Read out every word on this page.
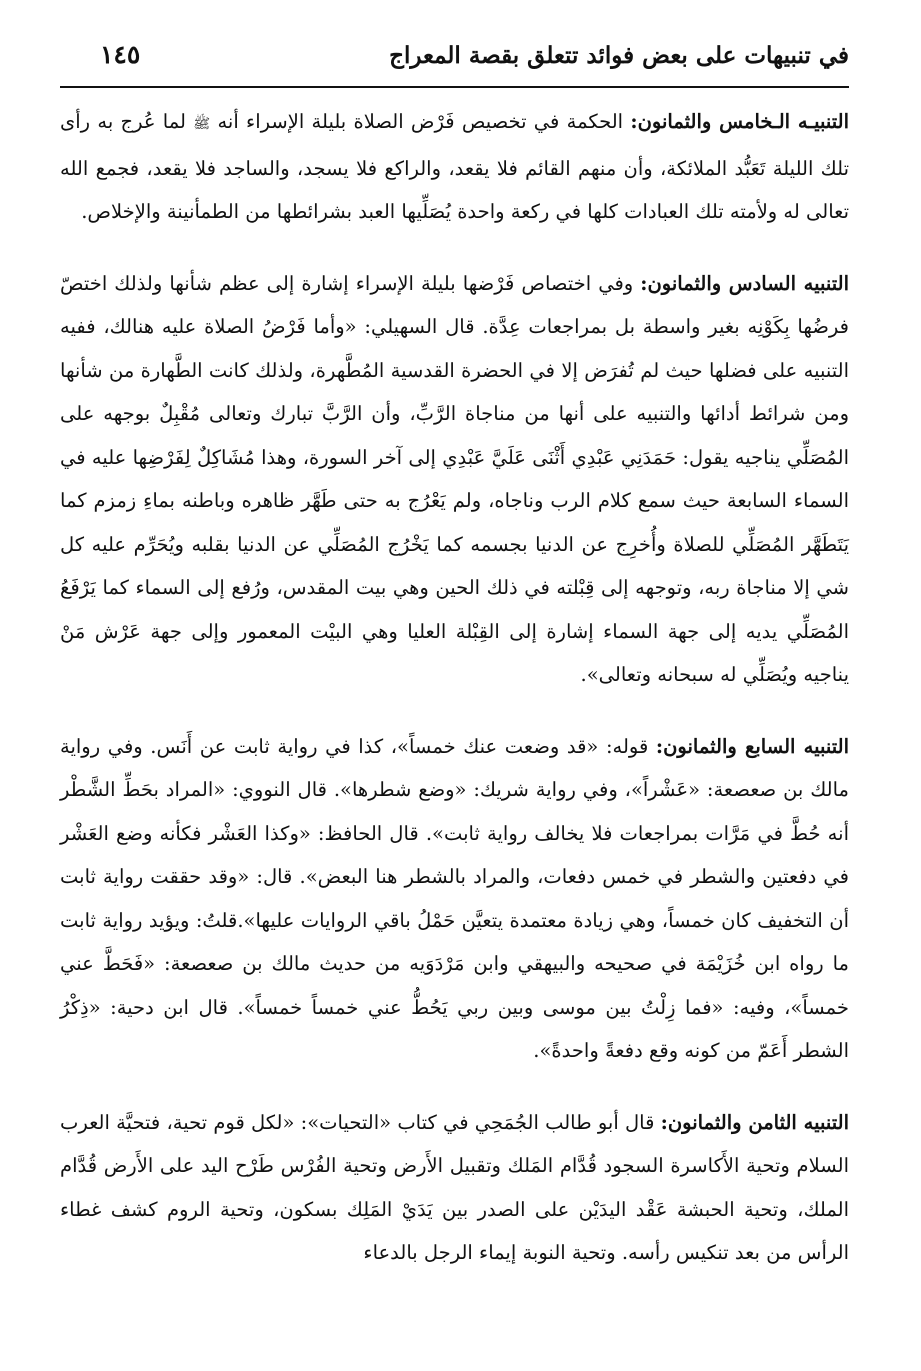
في تنبيهات على بعض فوائد تتعلق بقصة المعراج
١٤٥

التنبيـه الـخامس والثمانون: الحكمة في تخصيص فَرْض الصلاة بليلة الإسراء أنه ﷺ لما عُرج به رأى تلك الليلة تَعَبُّد الملائكة، وأن منهم القائم فلا يقعد، والراكع فلا يسجد، والساجد فلا يقعد، فجمع الله تعالى له ولأمته تلك العبادات كلها في ركعة واحدة يُصَلِّيها العبد بشرائطها من الطمأنينة والإخلاص.

التنبيه السادس والثمانون: وفي اختصاص فَرْضها بليلة الإسراء إشارة إلى عظم شأنها ولذلك اختصّ فرضُها بِكَوْنِه بغير واسطة بل بمراجعات عِدَّة. قال السهيلي: «وأما فَرْضُ الصلاة عليه هنالك، ففيه التنبيه على فضلها حيث لم تُفرَض إلا في الحضرة القدسية المُطَّهرة، ولذلك كانت الطَّهارة من شأنها ومن شرائط أدائها والتنبيه على أنها من مناجاة الرَّبِّ، وأن الرَّبَّ تبارك وتعالى مُقْبِلٌ بوجهه على المُصَلِّي يناجيه يقول: حَمَدَنِي عَبْدِي أَثْنَى عَلَيَّ عَبْدِي إلى آخر السورة، وهذا مُشَاكِلٌ لِفَرْضِها عليه في السماء السابعة حيث سمع كلام الرب وناجاه، ولم يَعْرُج به حتى طَهَّر ظاهره وباطنه بماءِ زمزم كما يَتَطَهَّر المُصَلِّي للصلاة وأُخرِج عن الدنيا بجسمه كما يَخْرُج المُصَلِّي عن الدنيا بقلبه ويُحَرِّم عليه كل شي إلا مناجاة ربه، وتوجهه إلى قِبْلته في ذلك الحين وهي بيت المقدس، ورُفع إلى السماء كما يَرْفَعُ المُصَلِّي يديه إلى جهة السماء إشارة إلى القِبْلة العليا وهي البيْت المعمور وإلى جهة عَرْش مَنْ يناجيه ويُصَلِّي له سبحانه وتعالى».

التنبيه السابع والثمانون: قوله: «قد وضعت عنك خمساً»، كذا في رواية ثابت عن أَنَس. وفي رواية مالك بن صعصعة: «عَشْراً»، وفي رواية شريك: «وضع شطرها». قال النووي: «المراد بحَطِّ الشَّطْر أنه حُطَّ في مَرَّات بمراجعات فلا يخالف رواية ثابت». قال الحافظ: «وكذا العَشْر فكأنه وضع العَشْر في دفعتين والشطر في خمس دفعات، والمراد بالشطر هنا البعض». قال: «وقد حققت رواية ثابت أن التخفيف كان خمساً، وهي زيادة معتمدة يتعيَّن حَمْلُ باقي الروايات عليها».قلتُ: ويؤيد رواية ثابت ما رواه ابن خُزَيْمَة في صحيحه والبيهقي وابن مَرْدَوَيه من حديث مالك بن صعصعة: «فَحَطَّ عني خمساً»، وفيه: «فما زِلْتُ بين موسى وبين ربي يَحُطُّ عني خمساً خمساً». قال ابن دحية: «ذِكْرُ الشطر أَعَمّ من كونه وقع دفعةً واحدةً».

التنبيه الثامن والثمانون: قال أبو طالب الجُمَحِي في كتاب «التحيات»: «لكل قوم تحية، فتحيَّة العرب السلام وتحية الأَكاسرة السجود قُدَّام المَلك وتقبيل الأَرض وتحية الفُرْس طَرْح اليد على الأَرض قُدَّام الملك، وتحية الحبشة عَقْد اليدَيْن على الصدر بين يَدَيْ المَلِك بسكون، وتحية الروم كشف غطاء الرأس من بعد تنكيس رأسه. وتحية النوبة إيماء الرجل بالدعاء
